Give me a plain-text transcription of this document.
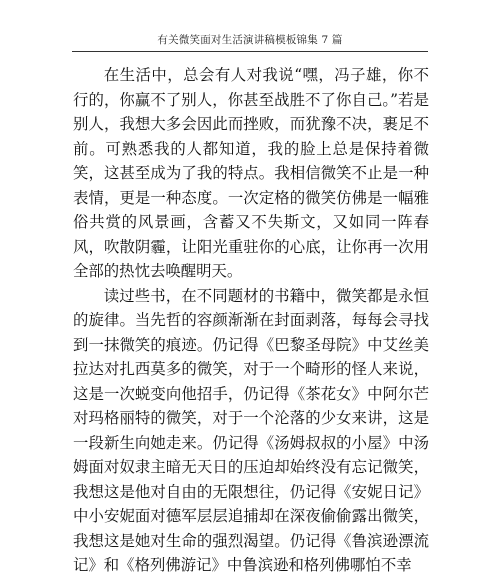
有关微笑面对生活演讲稿模板锦集 7 篇

在生活中，总会有人对我说“嘿，冯子雄，你不行的，你赢不了别人，你甚至战胜不了你自己。”若是别人，我想大多会因此而挫败，而犹豫不决，裹足不前。可熟悉我的人都知道，我的脸上总是保持着微笑，这甚至成为了我的特点。我相信微笑不止是一种表情，更是一种态度。一次定格的微笑仿佛是一幅雅俗共赏的风景画，含蓄又不失斯文，又如同一阵春风，吹散阴霾，让阳光重驻你的心底，让你再一次用全部的热忱去唤醒明天。

读过些书，在不同题材的书籍中，微笑都是永恒的旋律。当先哲的容颜渐渐在封面剥落，每每会寻找到一抹微笑的痕迹。仍记得《巴黎圣母院》中艾丝美拉达对扎西莫多的微笑，对于一个畸形的怪人来说，这是一次蜕变向他招手，仍记得《茶花女》中阿尔芒对玛格丽特的微笑，对于一个沦落的少女来讲，这是一段新生向她走来。仍记得《汤姆叔叔的小屋》中汤姆面对奴隶主暗无天日的压迫却始终没有忘记微笑，我想这是他对自由的无限想往，仍记得《安妮日记》中小安妮面对德军层层追捕却在深夜偷偷露出微笑，我想这是她对生命的强烈渴望。仍记得《鲁滨逊漂流记》和《格列佛游记》中鲁滨逊和格列佛哪怕不幸
